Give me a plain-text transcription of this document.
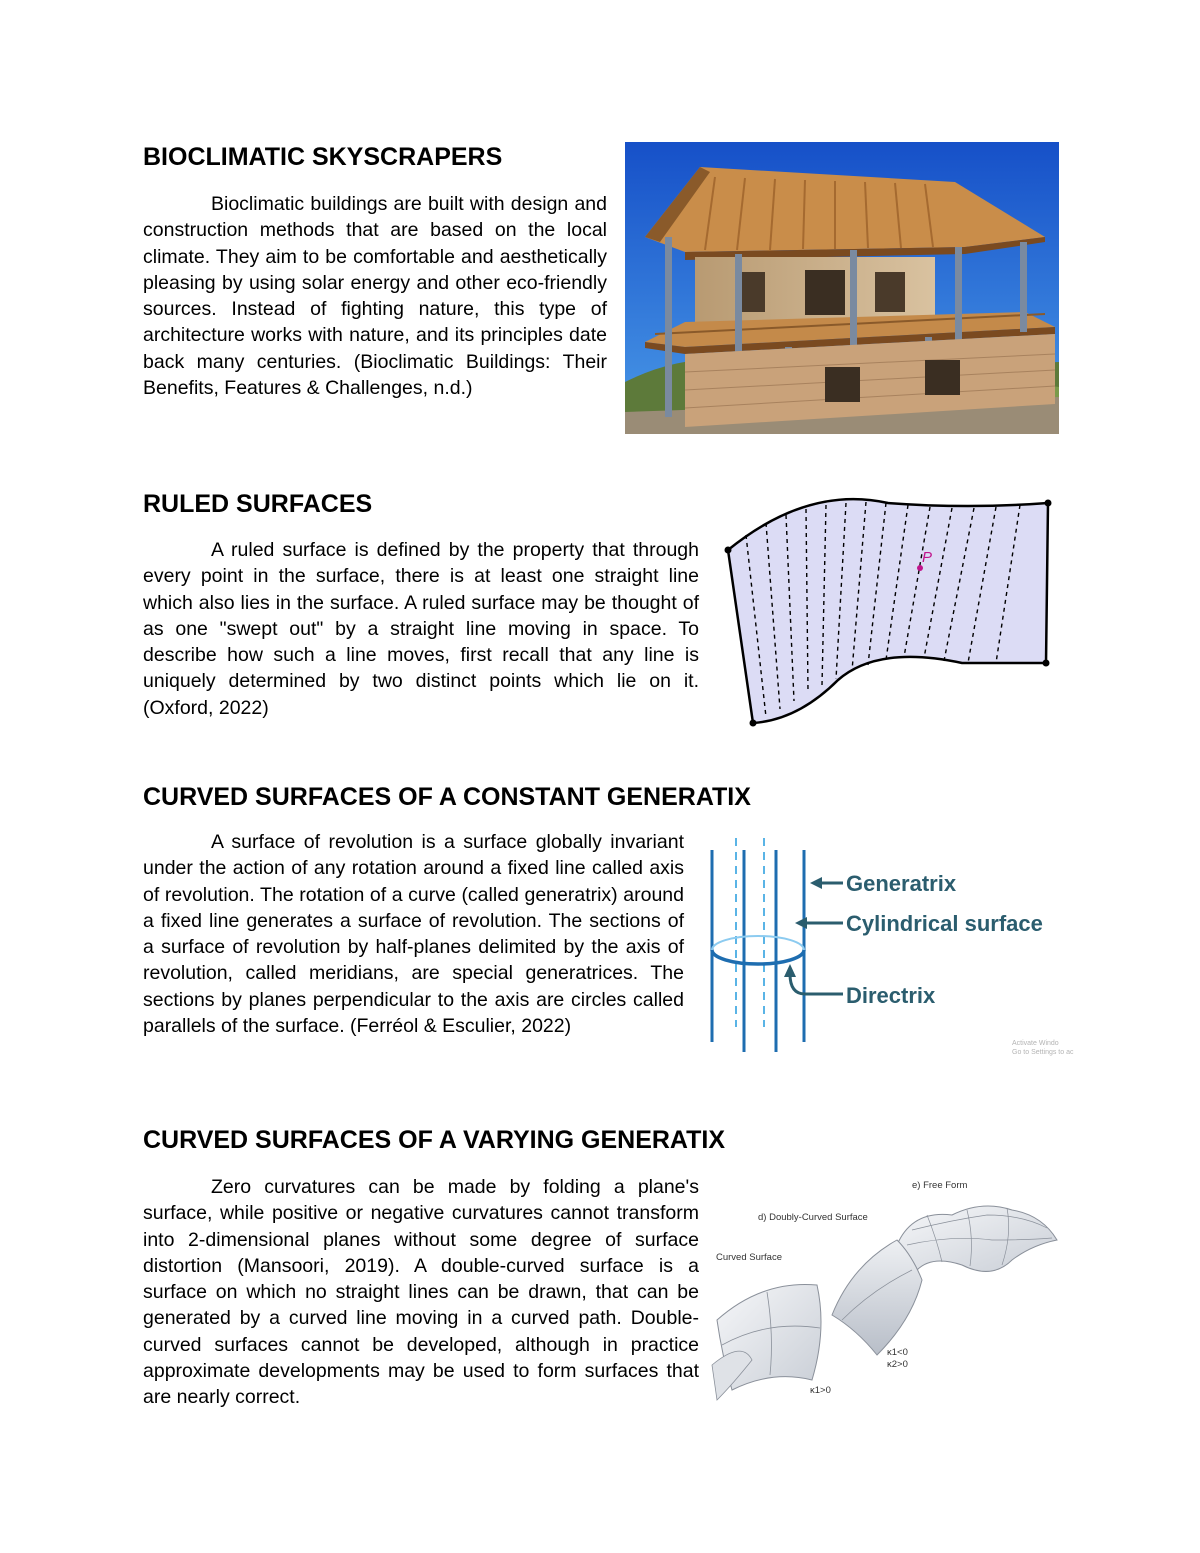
BIOCLIMATIC SKYSCRAPERS

Bioclimatic buildings are built with design and construction methods that are based on the local climate. They aim to be comfortable and aesthetically pleasing by using solar energy and other eco-friendly sources. Instead of fighting nature, this type of architecture works with nature, and its principles date back many centuries. (Bioclimatic Buildings: Their Benefits, Features & Challenges, n.d.)

RULED SURFACES

A ruled surface is defined by the property that through every point in the surface, there is at least one straight line which also lies in the surface. A ruled surface may be thought of as one "swept out" by a straight line moving in space. To describe how such a line moves, first recall that any line is uniquely determined by two distinct points which lie on it. (Oxford, 2022)

P
CURVED SURFACES OF A CONSTANT GENERATIX

A surface of revolution is a surface globally invariant under the action of any rotation around a fixed line called axis of revolution. The rotation of a curve (called generatrix) around a fixed line generates a surface of revolution. The sections of a surface of revolution by half-planes delimited by the axis of revolution, called meridians, are special generatrices. The sections by planes perpendicular to the axis are circles called parallels of the surface. (Ferréol & Esculier, 2022)

Generatrix
Cylindrical surface
Directrix
Activate Windo
Go to Settings to ac
CURVED SURFACES OF A VARYING GENERATIX

Zero curvatures can be made by folding a plane's surface, while positive or negative curvatures cannot transform into 2-dimensional planes without some degree of surface distortion (Mansoori, 2019). A double-curved surface is a surface on which no straight lines can be drawn, that can be generated by a curved line moving in a curved path. Double-curved surfaces cannot be developed, although in practice approximate developments may be used to form surfaces that are nearly correct.

e) Free Form
d) Doubly-Curved Surface
Curved Surface
κ1<0
κ2>0
κ1>0
